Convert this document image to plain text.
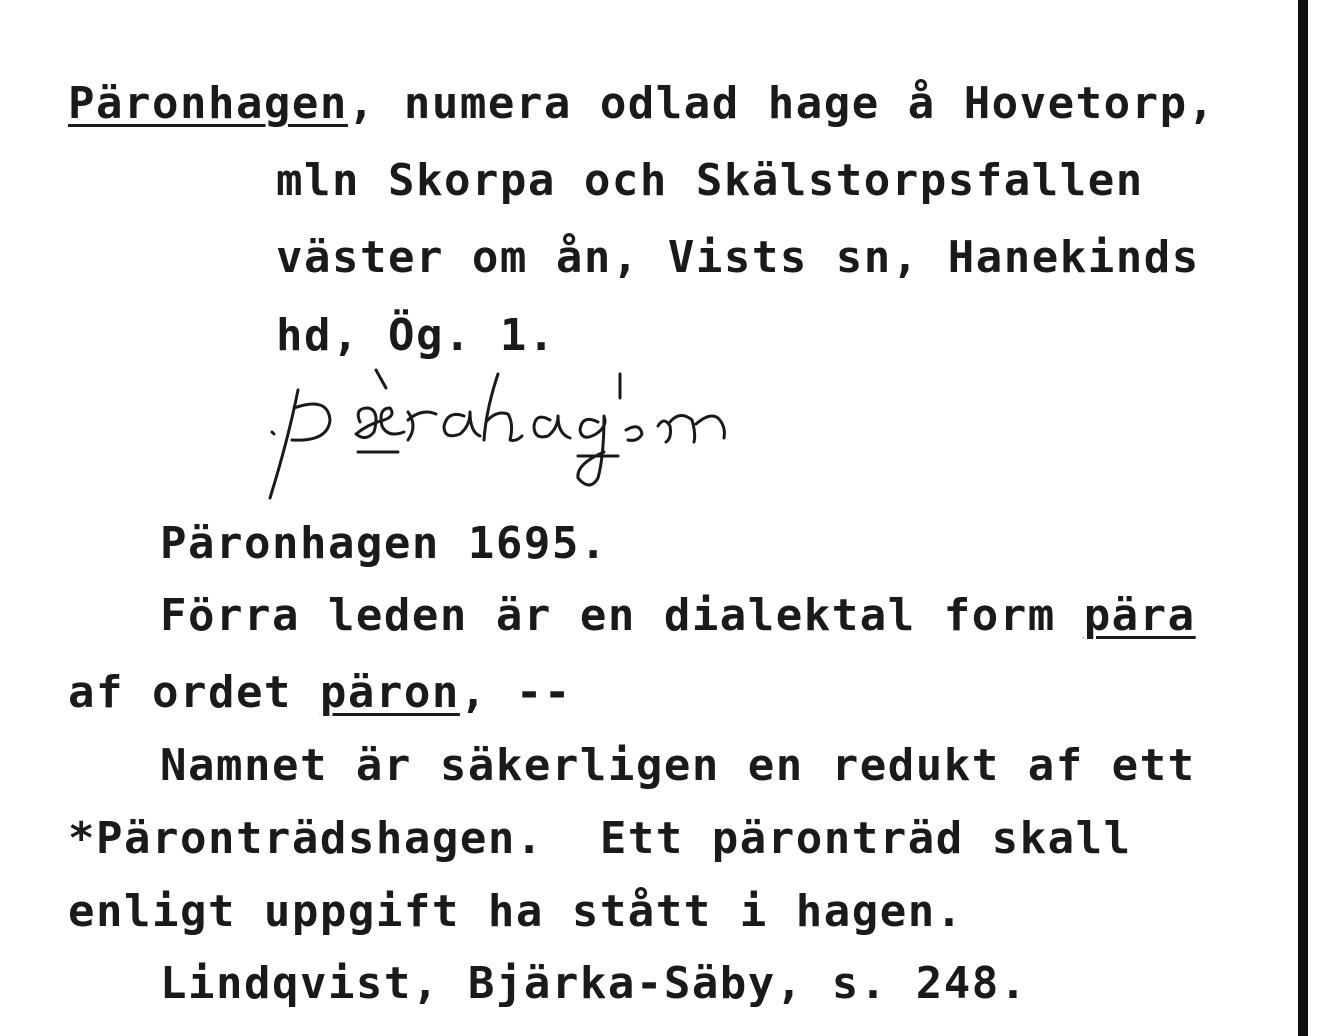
Päronhagen, numera odlad hage å Hovetorp,
mln Skorpa och Skälstorpsfallen
väster om ån, Vists sn, Hanekinds
hd, Ög. 1.
Päronhagen 1695.
Förra leden är en dialektal form pära
af ordet päron, --
Namnet är säkerligen en redukt af ett
*Päronträdshagen.  Ett päronträd skall
enligt uppgift ha stått i hagen.
Lindqvist, Bjärka-Säby, s. 248.
